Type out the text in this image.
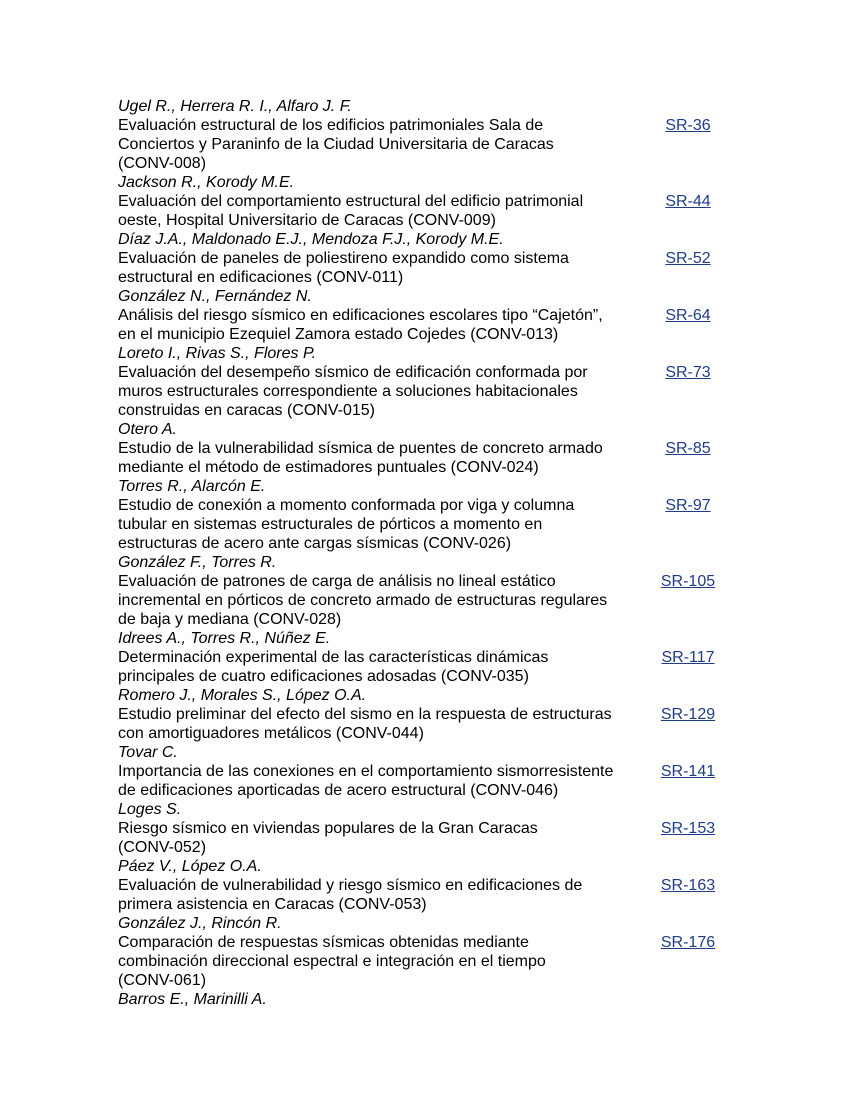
Ugel R., Herrera R. I., Alfaro J. F.
Evaluación estructural de los edificios patrimoniales Sala de	SR-36
Conciertos y Paraninfo de la Ciudad Universitaria de Caracas
(CONV-008)
Jackson R., Korody M.E.
Evaluación del comportamiento estructural del edificio patrimonial	SR-44
oeste, Hospital Universitario de Caracas (CONV-009)
Díaz J.A., Maldonado E.J., Mendoza F.J., Korody M.E.
Evaluación de paneles de poliestireno expandido como sistema	SR-52
estructural en edificaciones (CONV-011)
González N., Fernández N.
Análisis del riesgo sísmico en edificaciones escolares tipo “Cajetón”,	SR-64
en el municipio Ezequiel Zamora estado Cojedes (CONV-013)
Loreto I., Rivas S., Flores P.
Evaluación del desempeño sísmico de edificación conformada por	SR-73
muros estructurales correspondiente a soluciones habitacionales
construidas en caracas (CONV-015)
Otero A.
Estudio de la vulnerabilidad sísmica de puentes de concreto armado	SR-85
mediante el método de estimadores puntuales (CONV-024)
Torres R., Alarcón E.
Estudio de conexión a momento conformada por viga y columna	SR-97
tubular en sistemas estructurales de pórticos a momento en
estructuras de acero ante cargas sísmicas (CONV-026)
González F., Torres R.
Evaluación de patrones de carga de análisis no lineal estático	SR-105
incremental en pórticos de concreto armado de estructuras regulares
de baja y mediana (CONV-028)
Idrees A., Torres R., Núñez E.
Determinación experimental de las características dinámicas	SR-117
principales de cuatro edificaciones adosadas (CONV-035)
Romero J., Morales S., López O.A.
Estudio preliminar del efecto del sismo en la respuesta de estructuras	SR-129
con amortiguadores metálicos (CONV-044)
Tovar C.
Importancia de las conexiones en el comportamiento sismorresistente	SR-141
de edificaciones aporticadas de acero estructural (CONV-046)
Loges S.
Riesgo sísmico en viviendas populares de la Gran Caracas	SR-153
(CONV-052)
Páez V., López O.A.
Evaluación de vulnerabilidad y riesgo sísmico en edificaciones de	SR-163
primera asistencia en Caracas (CONV-053)
González J., Rincón R.
Comparación de respuestas sísmicas obtenidas mediante	SR-176
combinación direccional espectral e integración en el tiempo
(CONV-061)
Barros E., Marinilli A.
